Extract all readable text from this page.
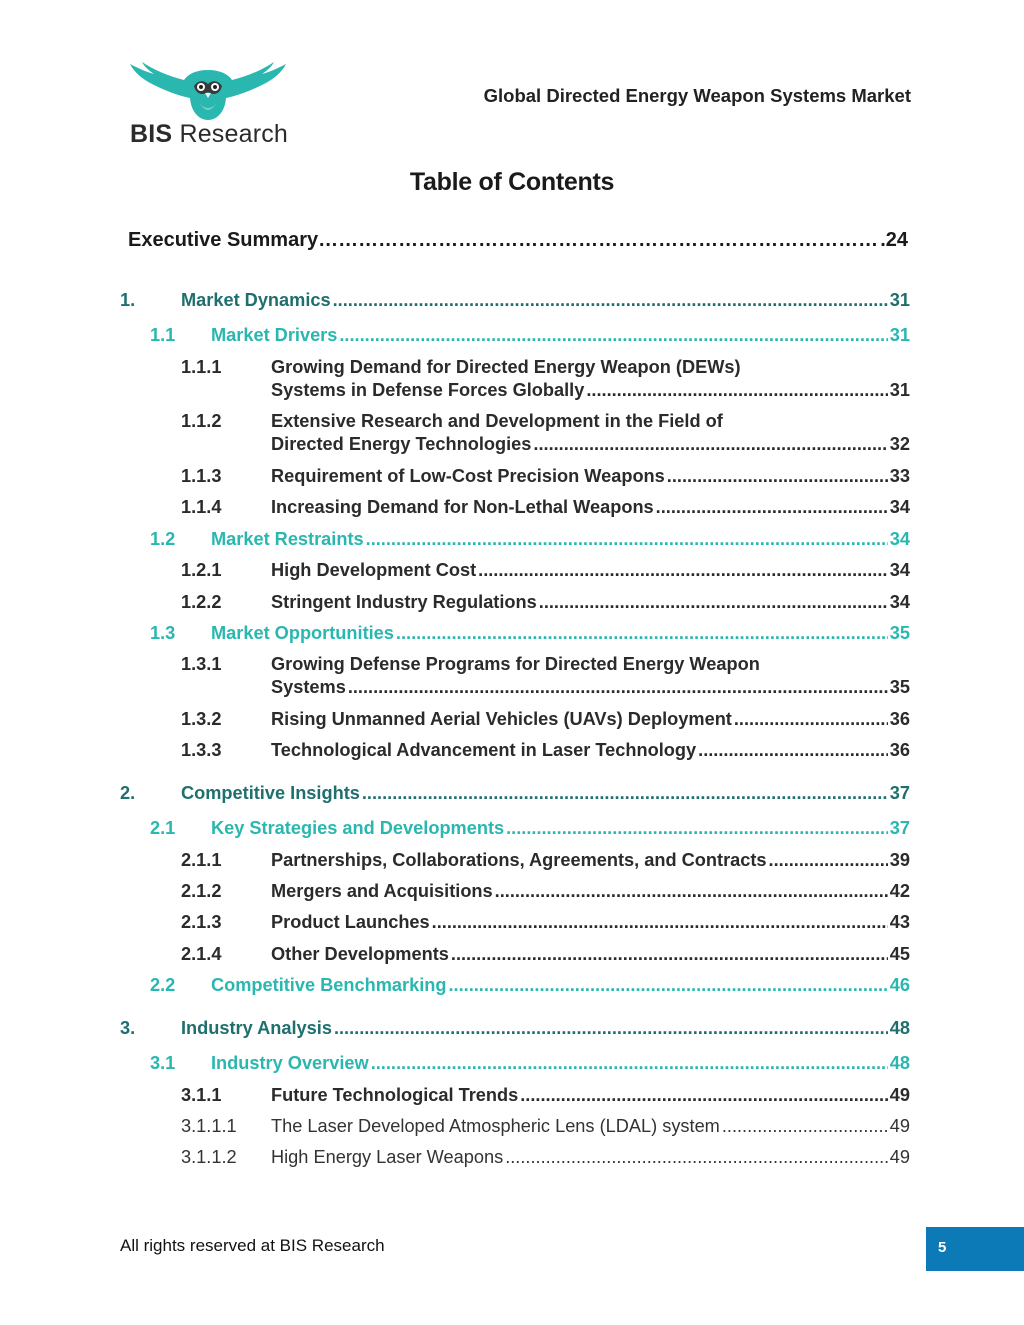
BIS Research
Global Directed Energy Weapon Systems Market
Table of Contents
Executive Summary …………………………………………………………………………………………………………	.24
1.	Market Dynamics .....	31
1.1	Market Drivers .....	31
1.1.1	Growing Demand for Directed Energy Weapon (DEWs)
Systems in Defense Forces Globally .....	31
1.1.2	Extensive Research and Development in the Field of
Directed Energy Technologies .....	32
1.1.3	Requirement of Low-Cost Precision Weapons .....	33
1.1.4	Increasing Demand for Non-Lethal Weapons .....	34
1.2	Market Restraints .....	34
1.2.1	High Development Cost .....	34
1.2.2	Stringent Industry Regulations .....	34
1.3	Market Opportunities .....	35
1.3.1	Growing Defense Programs for Directed Energy Weapon
Systems .....	35
1.3.2	Rising Unmanned Aerial Vehicles (UAVs) Deployment .....	36
1.3.3	Technological Advancement in Laser Technology .....	36
2.	Competitive Insights .....	37
2.1	Key Strategies and Developments .....	37
2.1.1	Partnerships, Collaborations, Agreements, and Contracts .....	39
2.1.2	Mergers and Acquisitions .....	42
2.1.3	Product Launches .....	43
2.1.4	Other Developments .....	45
2.2	Competitive Benchmarking .....	46
3.	Industry Analysis .....	48
3.1	Industry Overview .....	48
3.1.1	Future Technological Trends .....	49
3.1.1.1	The Laser Developed Atmospheric Lens (LDAL) system .....	49
3.1.1.2	High Energy Laser Weapons .....	49
All rights reserved at BIS Research	5
